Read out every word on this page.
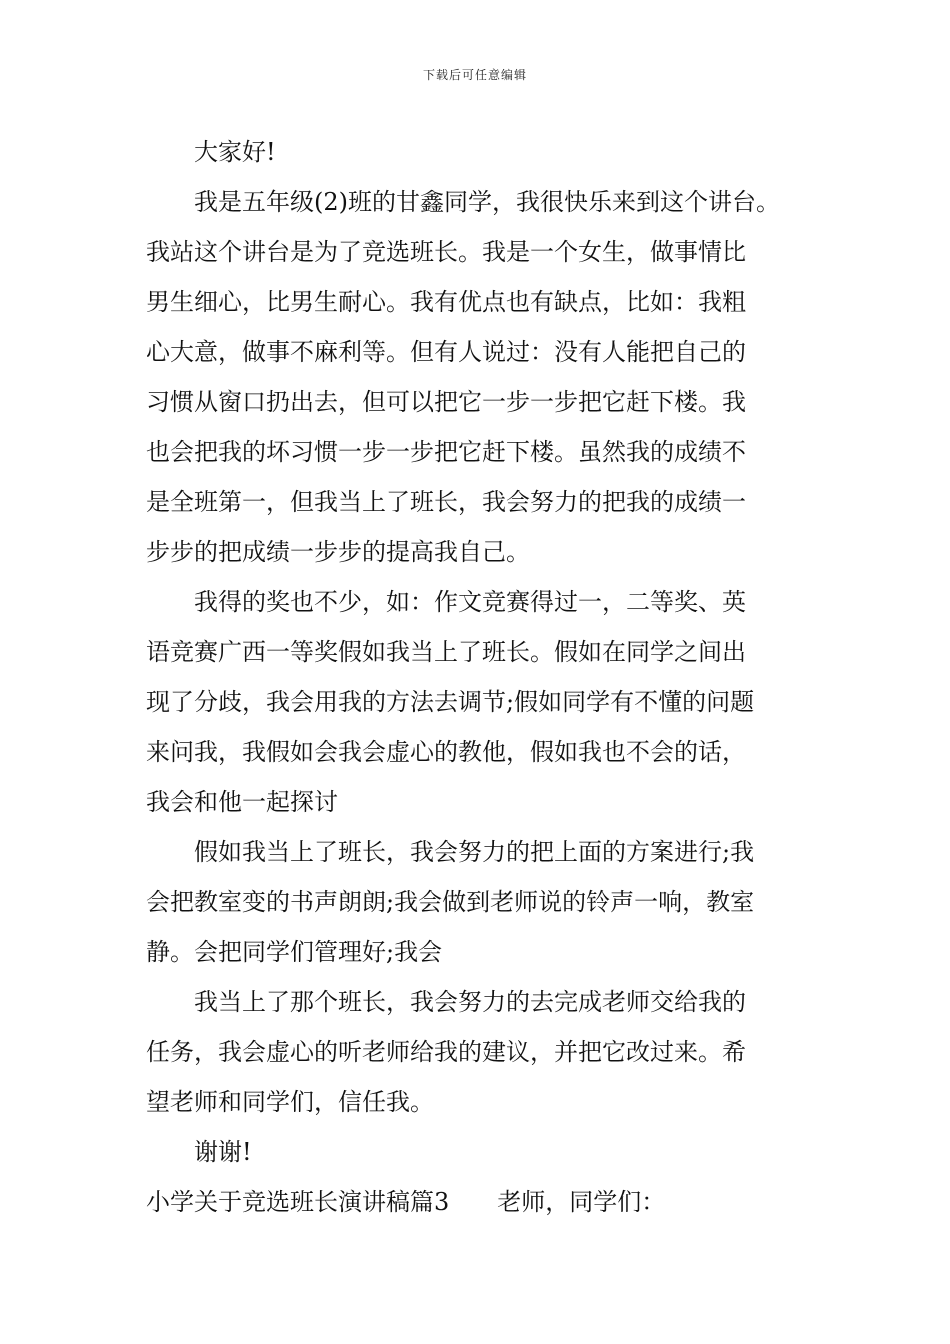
下载后可任意编辑
大家好!
我是五年级(2)班的甘鑫同学，我很快乐来到这个讲台。
我站这个讲台是为了竞选班长。我是一个女生，做事情比
男生细心，比男生耐心。我有优点也有缺点，比如：我粗
心大意，做事不麻利等。但有人说过：没有人能把自己的
习惯从窗口扔出去，但可以把它一步一步把它赶下楼。我
也会把我的坏习惯一步一步把它赶下楼。虽然我的成绩不
是全班第一，但我当上了班长，我会努力的把我的成绩一
步步的把成绩一步步的提高我自己。
我得的奖也不少，如：作文竞赛得过一，二等奖、英
语竞赛广西一等奖假如我当上了班长。假如在同学之间出
现了分歧，我会用我的方法去调节;假如同学有不懂的问题
来问我，我假如会我会虚心的教他，假如我也不会的话，
我会和他一起探讨
假如我当上了班长，我会努力的把上面的方案进行;我
会把教室变的书声朗朗;我会做到老师说的铃声一响，教室
静。会把同学们管理好;我会
我当上了那个班长，我会努力的去完成老师交给我的
任务，我会虚心的听老师给我的建议，并把它改过来。希
望老师和同学们，信任我。
谢谢!
小学关于竞选班长演讲稿篇3 老师，同学们：
